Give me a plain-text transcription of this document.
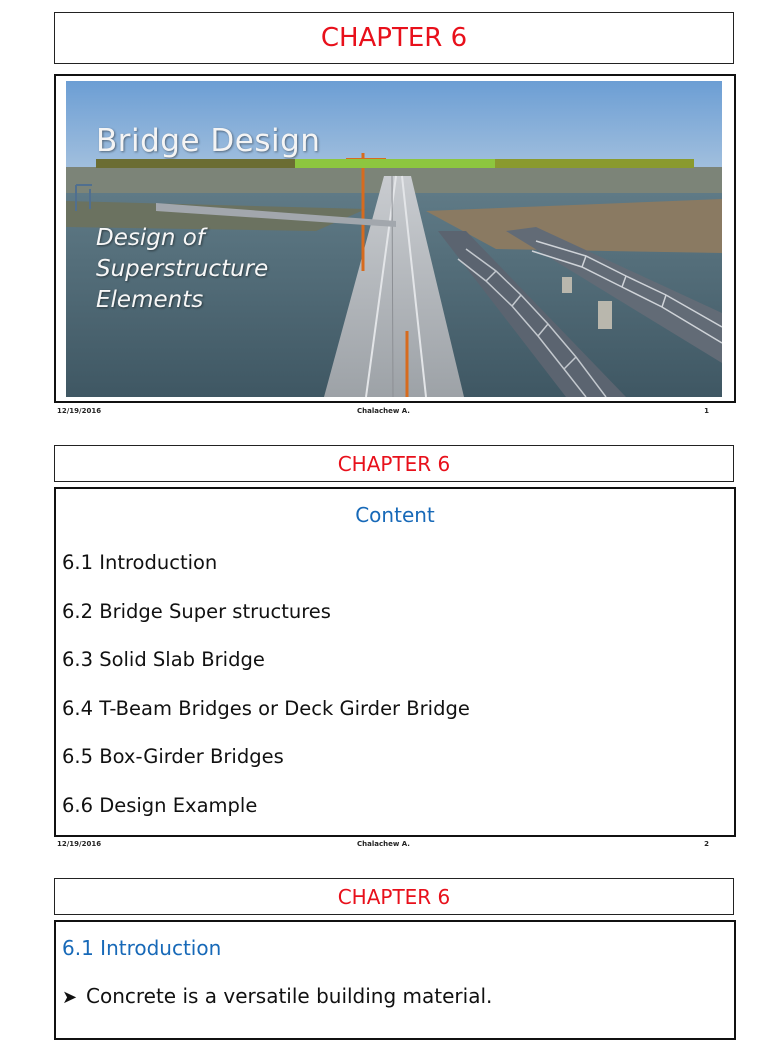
CHAPTER 6
Bridge Design
Design of
Superstructure
Elements
12/19/2016	Chalachew A.	1
CHAPTER 6
Content
6.1 Introduction
6.2 Bridge Super structures
6.3 Solid Slab Bridge
6.4 T-Beam Bridges or Deck Girder Bridge
6.5 Box-Girder Bridges
6.6 Design Example
12/19/2016	Chalachew A.	2
CHAPTER 6
6.1 Introduction
➤ Concrete is a versatile building material.
